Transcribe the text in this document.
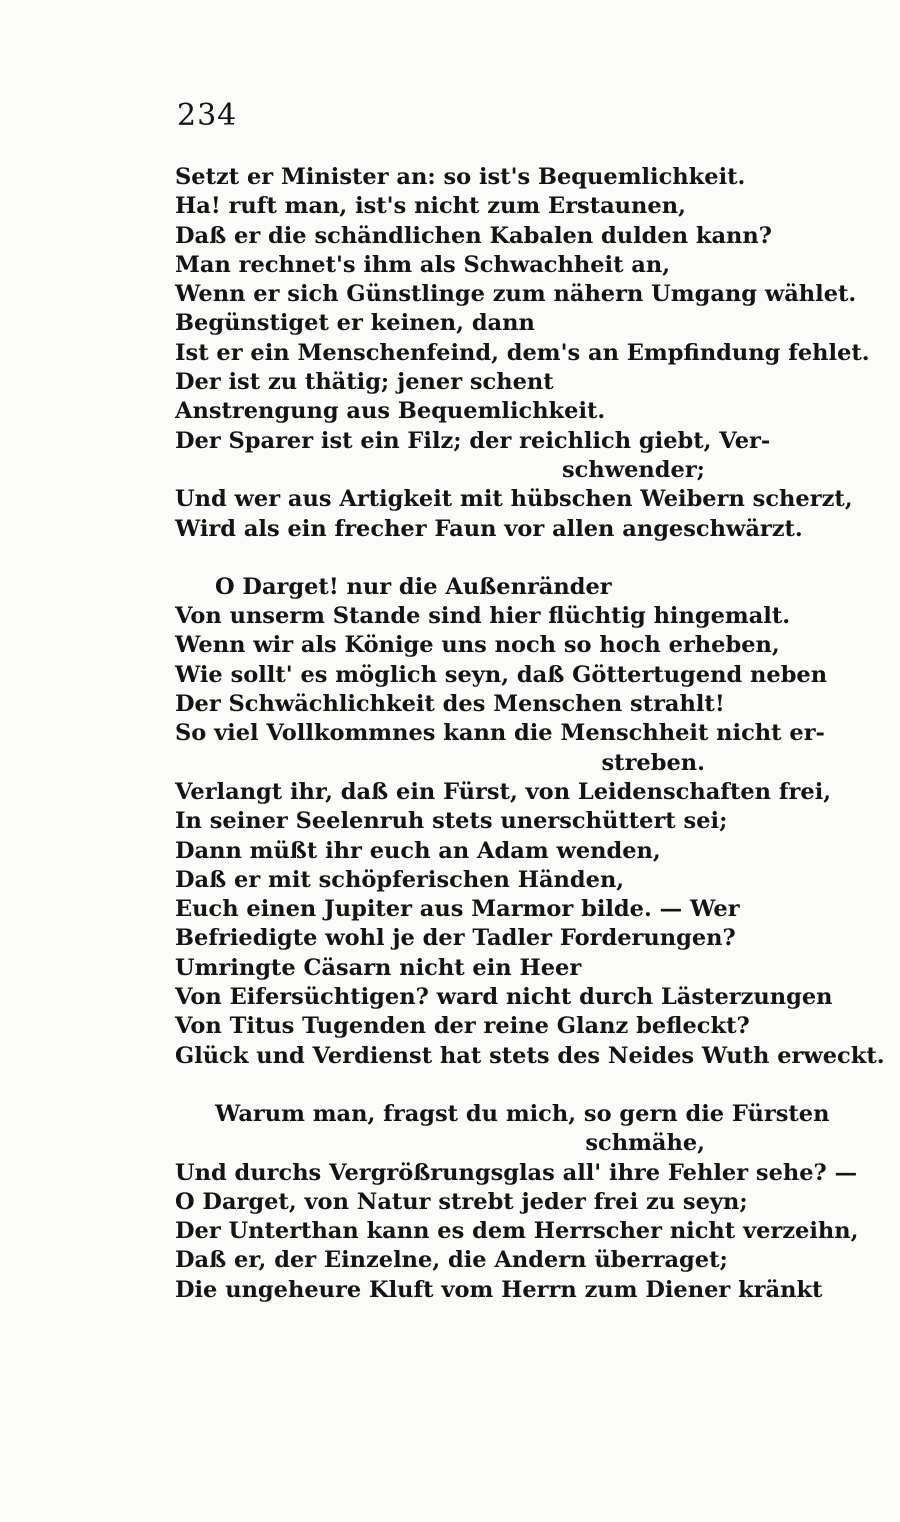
234
Setzt er Minister an: so ist's Bequemlichkeit.
Ha! ruft man, ist's nicht zum Erstaunen,
Daß er die schändlichen Kabalen dulden kann?
Man rechnet's ihm als Schwachheit an,
Wenn er sich Günstlinge zum nähern Umgang wählet.
Begünstiget er keinen, dann
Ist er ein Menschenfeind, dem's an Empfindung fehlet.
Der ist zu thätig; jener schent
Anstrengung aus Bequemlichkeit.
Der Sparer ist ein Filz; der reichlich giebt, Ver-
schwender;
Und wer aus Artigkeit mit hübschen Weibern scherzt,
Wird als ein frecher Faun vor allen angeschwärzt.
O Darget! nur die Außenränder
Von unserm Stande sind hier flüchtig hingemalt.
Wenn wir als Könige uns noch so hoch erheben,
Wie sollt' es möglich seyn, daß Göttertugend neben
Der Schwächlichkeit des Menschen strahlt!
So viel Vollkommnes kann die Menschheit nicht er-
streben.
Verlangt ihr, daß ein Fürst, von Leidenschaften frei,
In seiner Seelenruh stets unerschüttert sei;
Dann müßt ihr euch an Adam wenden,
Daß er mit schöpferischen Händen,
Euch einen Jupiter aus Marmor bilde. — Wer
Befriedigte wohl je der Tadler Forderungen?
Umringte Cäsarn nicht ein Heer
Von Eifersüchtigen? ward nicht durch Lästerzungen
Von Titus Tugenden der reine Glanz befleckt?
Glück und Verdienst hat stets des Neides Wuth erweckt.
Warum man, fragst du mich, so gern die Fürsten
schmähe,
Und durchs Vergrößrungsglas all' ihre Fehler sehe? —
O Darget, von Natur strebt jeder frei zu seyn;
Der Unterthan kann es dem Herrscher nicht verzeihn,
Daß er, der Einzelne, die Andern überraget;
Die ungeheure Kluft vom Herrn zum Diener kränkt
